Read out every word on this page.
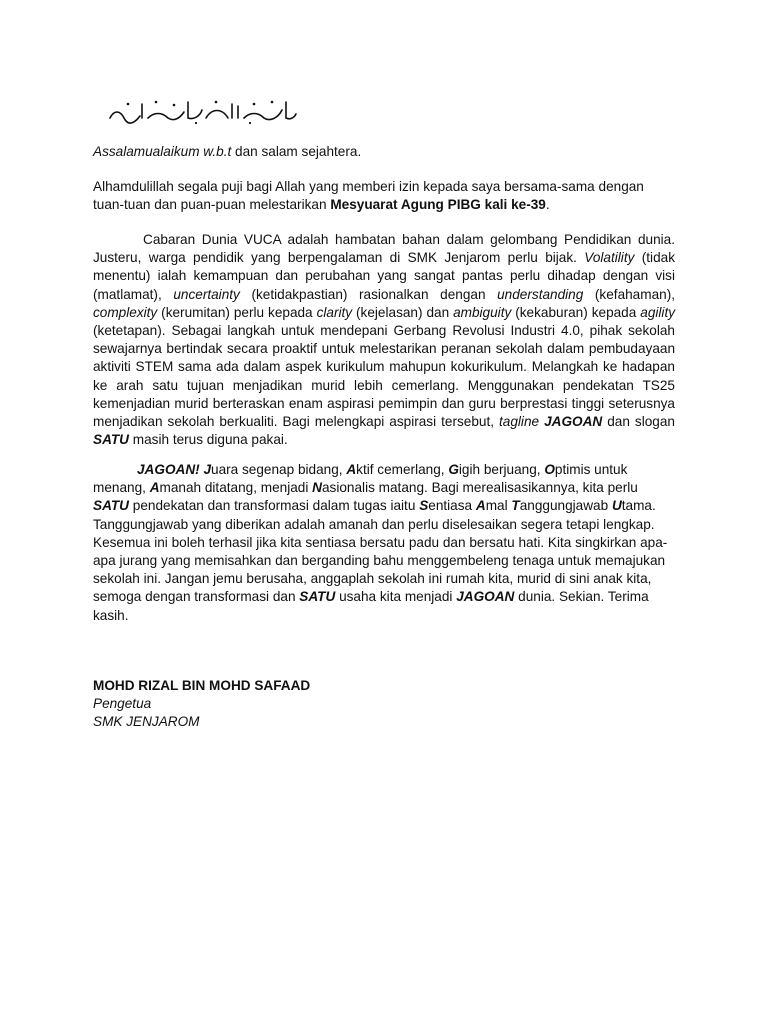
Assalamualaikum w.b.t dan salam sejahtera.

Alhamdulillah segala puji bagi Allah yang memberi izin kepada saya bersama-sama dengan tuan-tuan dan puan-puan melestarikan Mesyuarat Agung PIBG kali ke-39.

Cabaran Dunia VUCA adalah hambatan bahan dalam gelombang Pendidikan dunia. Justeru, warga pendidik yang berpengalaman di SMK Jenjarom perlu bijak. Volatility (tidak menentu) ialah kemampuan dan perubahan yang sangat pantas perlu dihadap dengan visi (matlamat), uncertainty (ketidakpastian) rasionalkan dengan understanding (kefahaman), complexity (kerumitan) perlu kepada clarity (kejelasan) dan ambiguity (kekaburan) kepada agility (ketetapan). Sebagai langkah untuk mendepani Gerbang Revolusi Industri 4.0, pihak sekolah sewajarnya bertindak secara proaktif untuk melestarikan peranan sekolah dalam pembudayaan aktiviti STEM sama ada dalam aspek kurikulum mahupun kokurikulum. Melangkah ke hadapan ke arah satu tujuan menjadikan murid lebih cemerlang. Menggunakan pendekatan TS25 kemenjadian murid berteraskan enam aspirasi pemimpin dan guru berprestasi tinggi seterusnya menjadikan sekolah berkualiti. Bagi melengkapi aspirasi tersebut, tagline JAGOAN dan slogan SATU masih terus diguna pakai.

JAGOAN! Juara segenap bidang, Aktif cemerlang, Gigih berjuang, Optimis untuk menang, Amanah ditatang, menjadi Nasionalis matang. Bagi merealisasikannya, kita perlu SATU pendekatan dan transformasi dalam tugas iaitu Sentiasa Amal Tanggungjawab Utama. Tanggungjawab yang diberikan adalah amanah dan perlu diselesaikan segera tetapi lengkap. Kesemua ini boleh terhasil jika kita sentiasa bersatu padu dan bersatu hati. Kita singkirkan apa-apa jurang yang memisahkan dan berganding bahu menggembeleng tenaga untuk memajukan sekolah ini. Jangan jemu berusaha, anggaplah sekolah ini rumah kita, murid di sini anak kita, semoga dengan transformasi dan SATU usaha kita menjadi JAGOAN dunia. Sekian. Terima kasih.

MOHD RIZAL BIN MOHD SAFAAD
Pengetua
SMK JENJAROM
